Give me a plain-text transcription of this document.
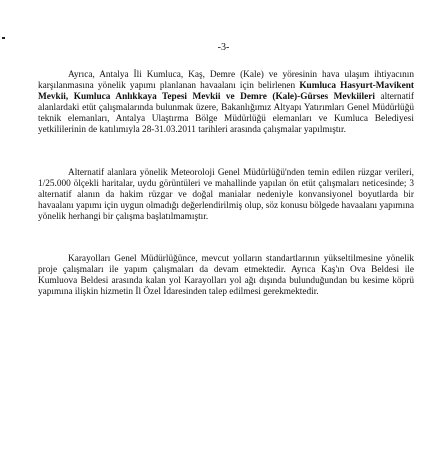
-3-

Ayrıca, Antalya İli Kumluca, Kaş, Demre (Kale) ve yöresinin hava ulaşım ihtiyacının karşılanmasına yönelik yapımı planlanan havaalanı için belirlenen Kumluca Hasyurt-Mavikent Mevkii, Kumluca Anlıkkaya Tepesi Mevkii ve Demre (Kale)-Gürses Mevkiileri alternatif alanlardaki etüt çalışmalarında bulunmak üzere, Bakanlığımız Altyapı Yatırımları Genel Müdürlüğü teknik elemanları, Antalya Ulaştırma Bölge Müdürlüğü elemanları ve Kumluca Belediyesi yetkililerinin de katılımıyla 28-31.03.2011 tarihleri arasında çalışmalar yapılmıştır.

Alternatif alanlara yönelik Meteoroloji Genel Müdürlüğü'nden temin edilen rüzgar verileri, 1/25.000 ölçekli haritalar, uydu görüntüleri ve mahallinde yapılan ön etüt çalışmaları neticesinde; 3 alternatif alanın da hakim rüzgar ve doğal manialar nedeniyle konvansiyonel boyutlarda bir havaalanı yapımı için uygun olmadığı değerlendirilmiş olup, söz konusu bölgede havaalanı yapımına yönelik herhangi bir çalışma başlatılmamıştır.

Karayolları Genel Müdürlüğünce, mevcut yolların standartlarının yükseltilmesine yönelik proje çalışmaları ile yapım çalışmaları da devam etmektedir. Ayrıca Kaş'ın Ova Beldesi ile Kumluova Beldesi arasında kalan yol Karayolları yol ağı dışında bulunduğundan bu kesime köprü yapımına ilişkin hizmetin İl Özel İdaresinden talep edilmesi gerekmektedir.
